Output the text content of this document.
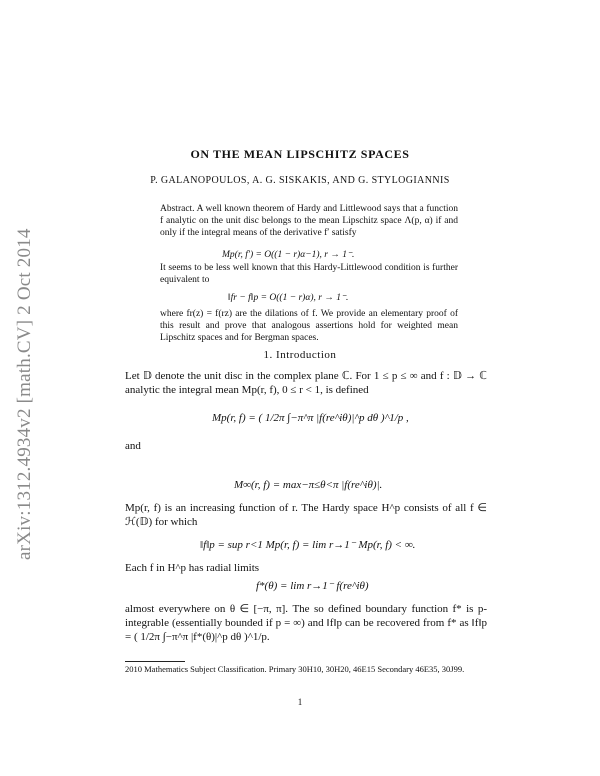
arXiv:1312.4934v2 [math.CV] 2 Oct 2014
ON THE MEAN LIPSCHITZ SPACES
P. GALANOPOULOS, A. G. SISKAKIS, AND G. STYLOGIANNIS
Abstract. A well known theorem of Hardy and Littlewood says that a function f analytic on the unit disc belongs to the mean Lipschitz space Λ(p, α) if and only if the integral means of the derivative f′ satisfy
Mp(r, f′) = O((1 − r)α−1), r → 1⁻.
It seems to be less well known that this Hardy-Littlewood condition is further equivalent to
‖fr − f‖p = O((1 − r)α), r → 1⁻.
where fr(z) = f(rz) are the dilations of f. We provide an elementary proof of this result and prove that analogous assertions hold for weighted mean Lipschitz spaces and for Bergman spaces.
1. Introduction
Let 𝔻 denote the unit disc in the complex plane ℂ. For 1 ≤ p ≤ ∞ and f : 𝔻 → ℂ analytic the integral mean Mp(r, f), 0 ≤ r < 1, is defined
Mp(r, f) = ( 1/2π ∫−π^π |f(re^iθ)|^p dθ )^1/p ,
and
M∞(r, f) = max−π≤θ<π |f(re^iθ)|.
Mp(r, f) is an increasing function of r. The Hardy space H^p consists of all f ∈ ℋ(𝔻) for which
‖f‖p = sup r<1 Mp(r, f) = lim r→1⁻ Mp(r, f) < ∞.
Each f in H^p has radial limits
f*(θ) = lim r→1⁻ f(re^iθ)
almost everywhere on θ ∈ [−π, π]. The so defined boundary function f* is p-integrable (essentially bounded if p = ∞) and ‖f‖p can be recovered from f* as ‖f‖p = ( 1/2π ∫−π^π |f*(θ)|^p dθ )^1/p.
2010 Mathematics Subject Classification. Primary 30H10, 30H20, 46E15 Secondary 46E35, 30J99.
1
